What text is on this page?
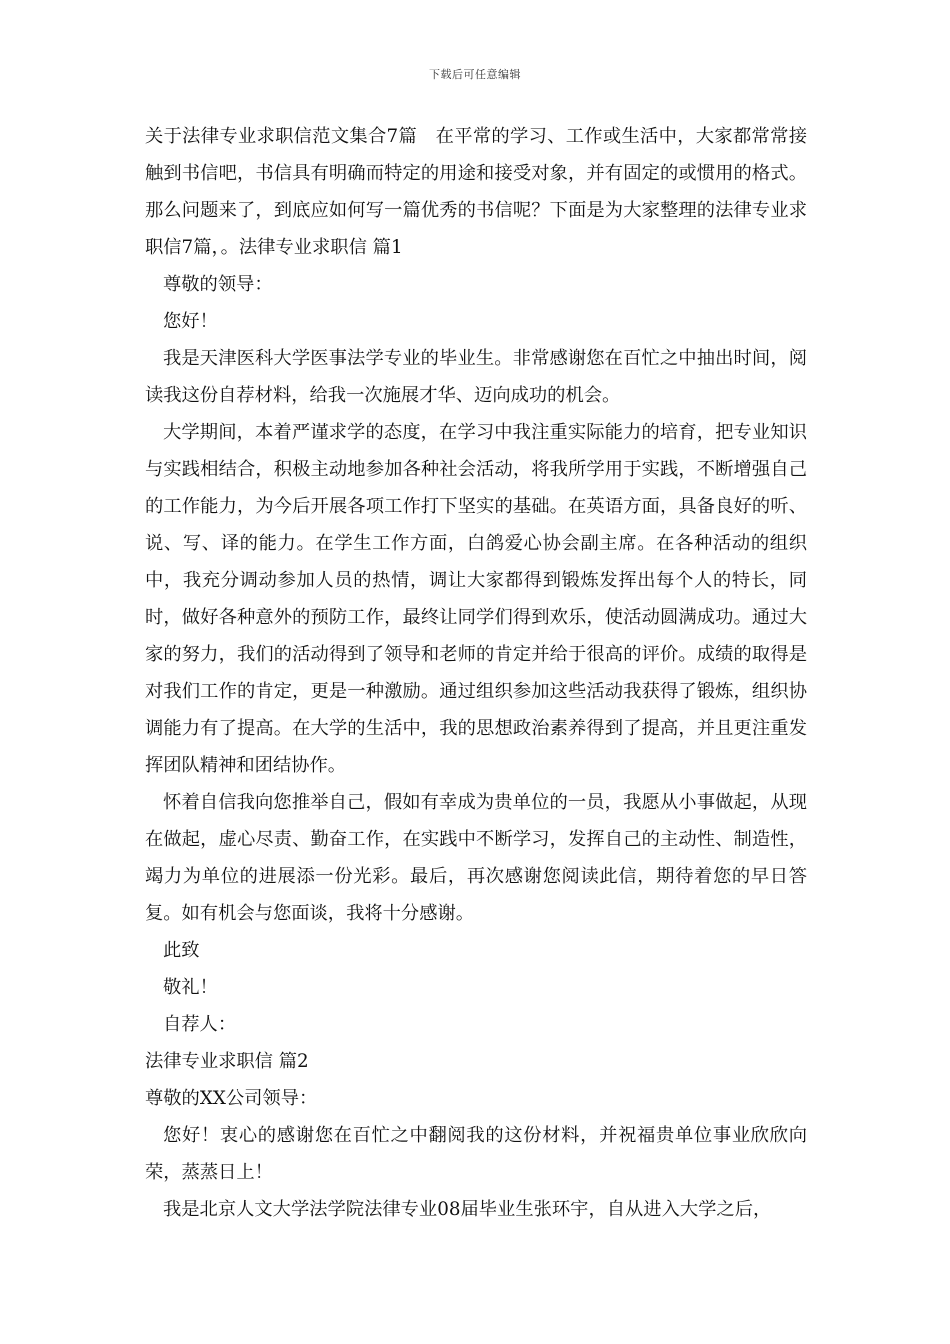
下载后可任意编辑

关于法律专业求职信范文集合7篇　在平常的学习、工作或生活中，大家都常常接触到书信吧，书信具有明确而特定的用途和接受对象，并有固定的或惯用的格式。那么问题来了，到底应如何写一篇优秀的书信呢？下面是为大家整理的法律专业求职信7篇，。法律专业求职信 篇1

尊敬的领导：

您好！

我是天津医科大学医事法学专业的毕业生。非常感谢您在百忙之中抽出时间，阅读我这份自荐材料，给我一次施展才华、迈向成功的机会。

大学期间，本着严谨求学的态度，在学习中我注重实际能力的培育，把专业知识与实践相结合，积极主动地参加各种社会活动，将我所学用于实践，不断增强自己的工作能力，为今后开展各项工作打下坚实的基础。在英语方面，具备良好的听、说、写、译的能力。在学生工作方面，白鸽爱心协会副主席。在各种活动的组织中，我充分调动参加人员的热情，调让大家都得到锻炼发挥出每个人的特长，同时，做好各种意外的预防工作，最终让同学们得到欢乐，使活动圆满成功。通过大家的努力，我们的活动得到了领导和老师的肯定并给于很高的评价。成绩的取得是对我们工作的肯定，更是一种激励。通过组织参加这些活动我获得了锻炼，组织协调能力有了提高。在大学的生活中，我的思想政治素养得到了提高，并且更注重发挥团队精神和团结协作。

怀着自信我向您推举自己，假如有幸成为贵单位的一员，我愿从小事做起，从现在做起，虚心尽责、勤奋工作，在实践中不断学习，发挥自己的主动性、制造性，竭力为单位的进展添一份光彩。最后，再次感谢您阅读此信，期待着您的早日答复。如有机会与您面谈，我将十分感谢。

此致

敬礼！

自荐人：

法律专业求职信 篇2

尊敬的XX公司领导：

您好！衷心的感谢您在百忙之中翻阅我的这份材料，并祝福贵单位事业欣欣向荣，蒸蒸日上！

我是北京人文大学法学院法律专业08届毕业生张环宇，自从进入大学之后，
